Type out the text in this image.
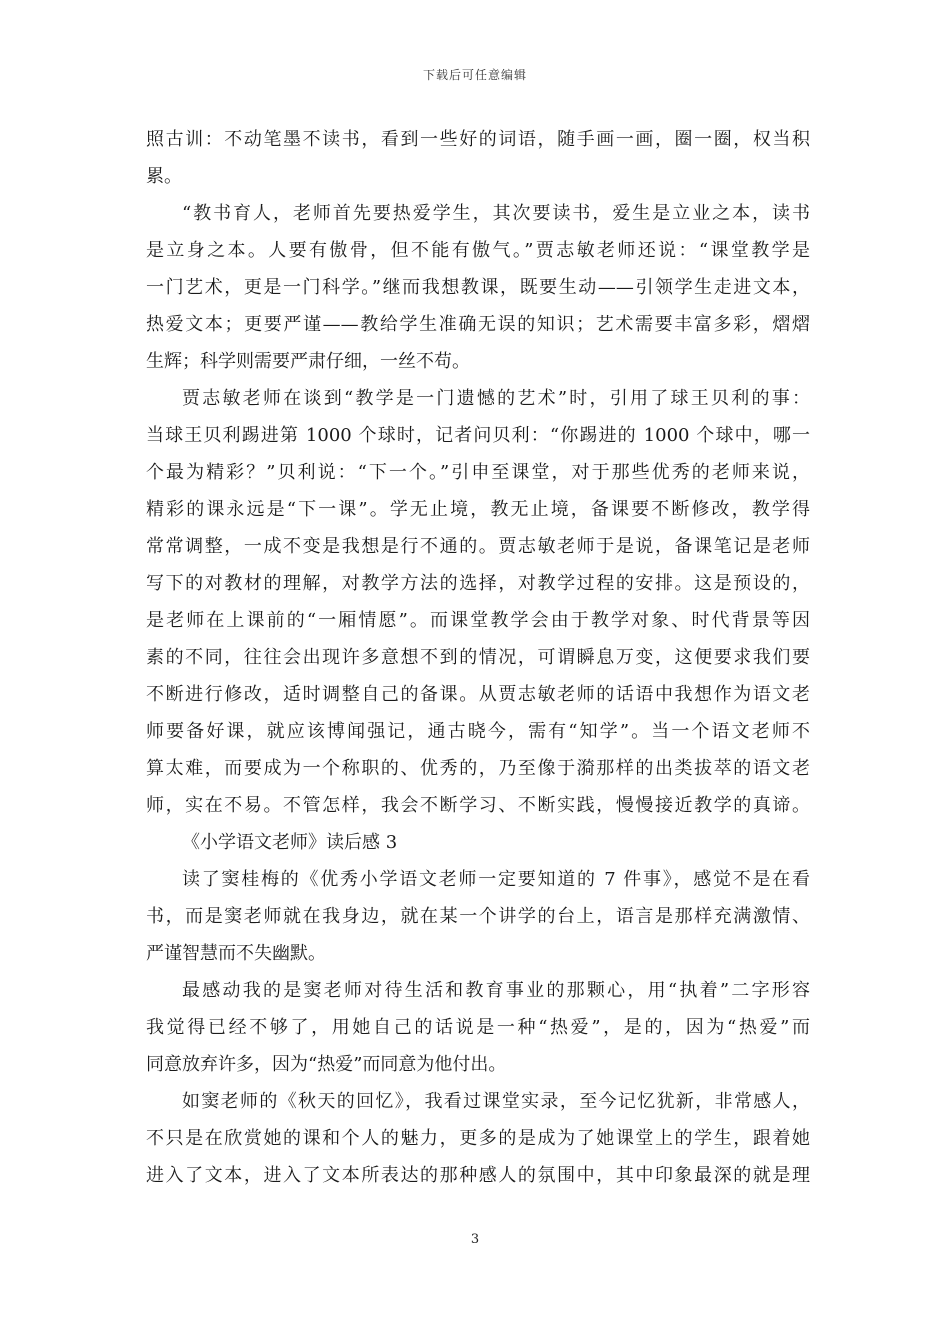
下载后可任意编辑
照古训：不动笔墨不读书，看到一些好的词语，随手画一画，圈一圈，权当积
累。
“教书育人，老师首先要热爱学生，其次要读书，爱生是立业之本，读书
是立身之本。人要有傲骨，但不能有傲气。”贾志敏老师还说：“课堂教学是
一门艺术，更是一门科学。”继而我想教课，既要生动——引领学生走进文本，
热爱文本；更要严谨——教给学生准确无误的知识；艺术需要丰富多彩，熠熠
生辉；科学则需要严肃仔细，一丝不苟。
贾志敏老师在谈到“教学是一门遗憾的艺术”时，引用了球王贝利的事：
当球王贝利踢进第 1000 个球时，记者问贝利：“你踢进的 1000 个球中，哪一
个最为精彩？”贝利说：“下一个。”引申至课堂，对于那些优秀的老师来说，
精彩的课永远是“下一课”。学无止境，教无止境，备课要不断修改，教学得
常常调整，一成不变是我想是行不通的。贾志敏老师于是说，备课笔记是老师
写下的对教材的理解，对教学方法的选择，对教学过程的安排。这是预设的，
是老师在上课前的“一厢情愿”。而课堂教学会由于教学对象、时代背景等因
素的不同，往往会出现许多意想不到的情况，可谓瞬息万变，这便要求我们要
不断进行修改，适时调整自己的备课。从贾志敏老师的话语中我想作为语文老
师要备好课，就应该博闻强记，通古晓今，需有“知学”。当一个语文老师不
算太难，而要成为一个称职的、优秀的，乃至像于漪那样的出类拔萃的语文老
师，实在不易。不管怎样，我会不断学习、不断实践，慢慢接近教学的真谛。
《小学语文老师》读后感 3
读了窦桂梅的《优秀小学语文老师一定要知道的 7 件事》，感觉不是在看
书，而是窦老师就在我身边，就在某一个讲学的台上，语言是那样充满激情、
严谨智慧而不失幽默。
最感动我的是窦老师对待生活和教育事业的那颗心，用“执着”二字形容
我觉得已经不够了，用她自己的话说是一种“热爱”，是的，因为“热爱”而
同意放弃许多，因为“热爱”而同意为他付出。
如窦老师的《秋天的回忆》，我看过课堂实录，至今记忆犹新，非常感人，
不只是在欣赏她的课和个人的魅力，更多的是成为了她课堂上的学生，跟着她
进入了文本，进入了文本所表达的那种感人的氛围中，其中印象最深的就是理
3
